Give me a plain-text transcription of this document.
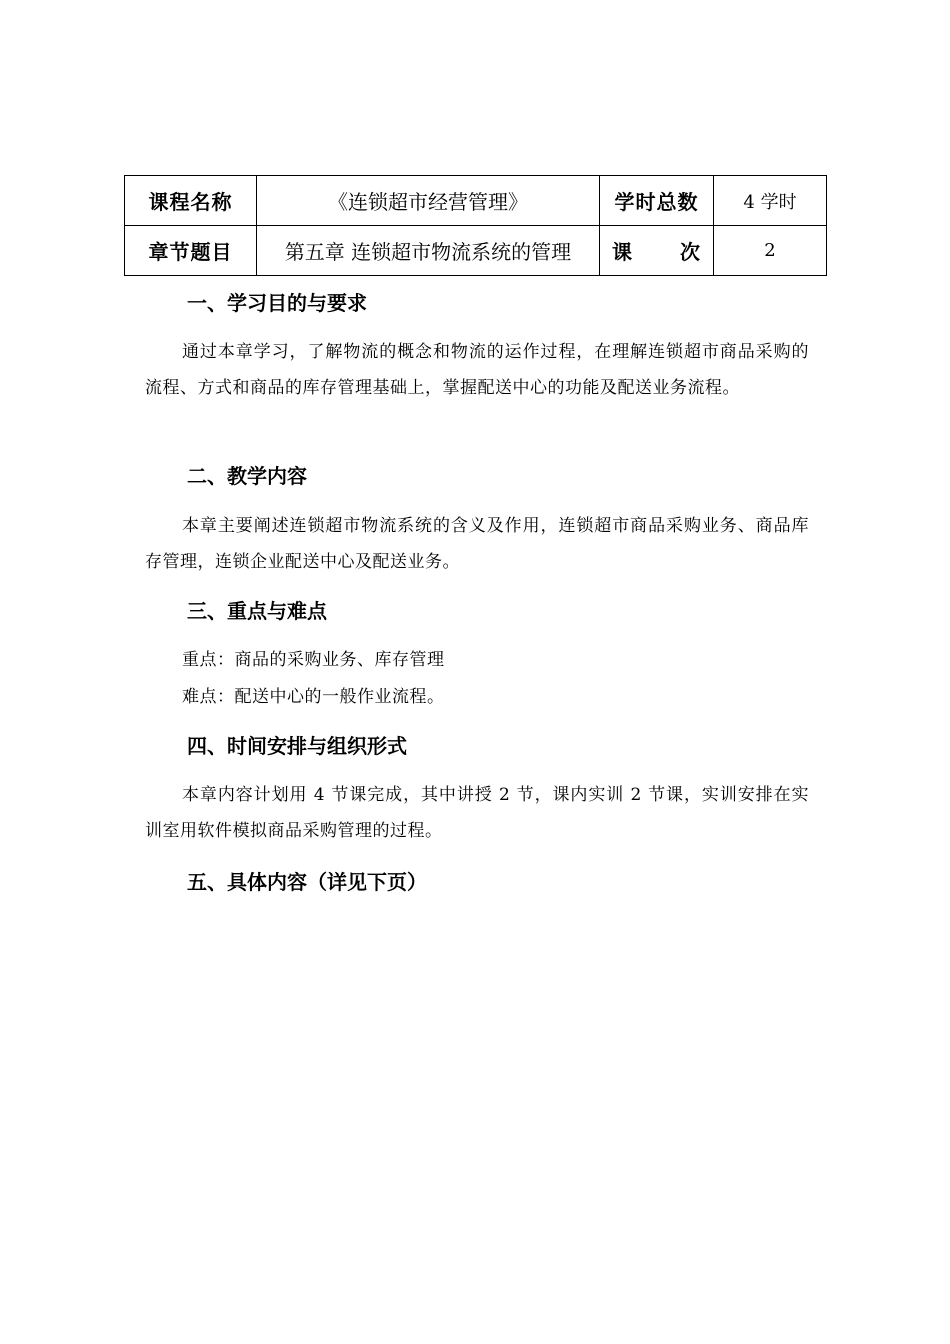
课程名称	《连锁超市经营管理》	学时总数	4 学时
章节题目	第五章 连锁超市物流系统的管理	课　　次	2
一、学习目的与要求

通过本章学习，了解物流的概念和物流的运作过程，在理解连锁超市商品采购的流程、方式和商品的库存管理基础上，掌握配送中心的功能及配送业务流程。

二、教学内容

本章主要阐述连锁超市物流系统的含义及作用，连锁超市商品采购业务、商品库存管理，连锁企业配送中心及配送业务。

三、重点与难点

重点：商品的采购业务、库存管理

难点：配送中心的一般作业流程。

四、时间安排与组织形式

本章内容计划用 4 节课完成，其中讲授 2 节，课内实训 2 节课，实训安排在实训室用软件模拟商品采购管理的过程。

五、具体内容（详见下页）
